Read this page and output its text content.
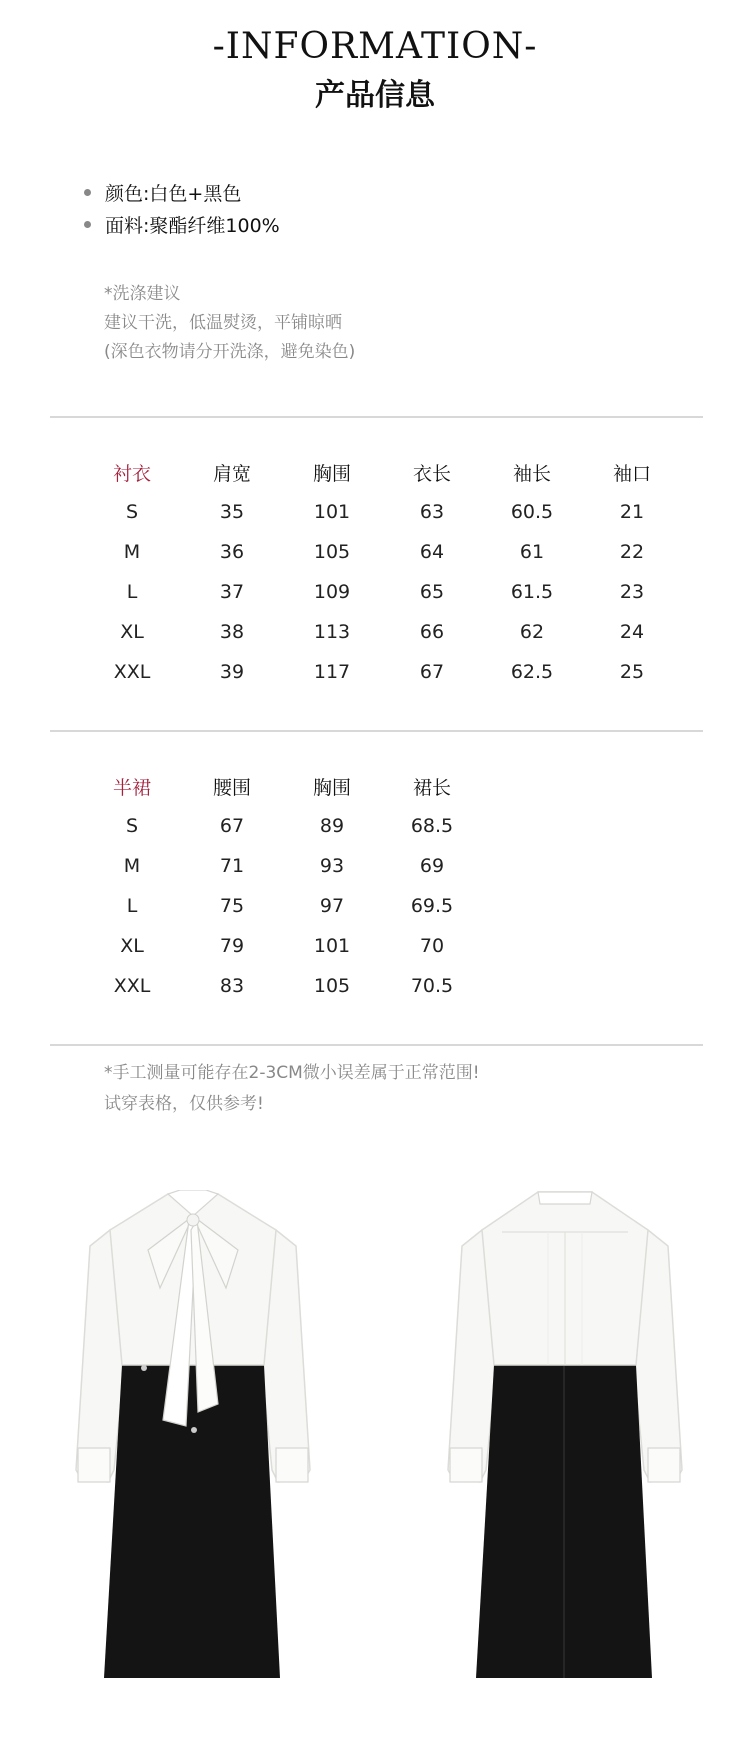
-INFORMATION-
产品信息
颜色:白色+黑色
面料:聚酯纤维100%
*洗涤建议
建议干洗，低温熨烫，平铺晾晒
(深色衣物请分开洗涤，避免染色)
衬衣	肩宽	胸围	衣长	袖长	袖口
S	35	101	63	60.5	21
M	36	105	64	61	22
L	37	109	65	61.5	23
XL	38	113	66	62	24
XXL	39	117	67	62.5	25
半裙	腰围	胸围	裙长
S	67	89	68.5
M	71	93	69
L	75	97	69.5
XL	79	101	70
XXL	83	105	70.5
*手工测量可能存在2-3CM微小误差属于正常范围!
试穿表格，仅供参考!
